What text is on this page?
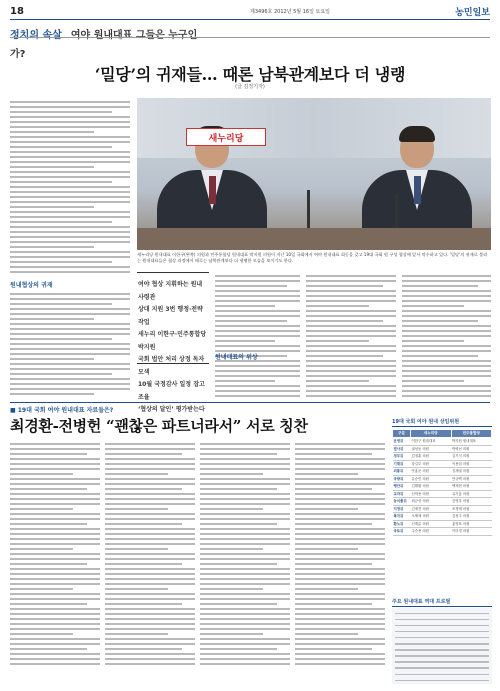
18	제3496호 2012년 5월 16일 토요일	농민일보
정치의 속살 여야 원내대표 그들은 누구인가?
‘밀당’의 귀재들… 때론 남북관계보다 더 냉랭
(글 김정기자)
원내협상의 귀재
새누리당
새누리당 원내대표 이한구(왼쪽) 의원과 민주통합당 원내대표 박지원 의원이 지난 10일 국회에서 여야 원내대표 회동을 갖고 19대 국회 원 구성 협상에 앞서 악수하고 있다. '밀당'의 귀재로 불리는 원내대표들은 협상 과정에서 때로는 남북관계보다 더 냉랭한 모습을 보이기도 한다.
여야 협상 지휘하는 원내 사령관
상대 지원 3번 행정·전략 작업
새누리 이한구·민주통합당 박지원
국회 법안 처리 상정 독자 모색
10월 국정감사 일정 잡고 조율
‘협상의 달인’ 평가받는다
원내대표의 위상
■ 19대 국회 여야 원내대표 자료들은?
최경환-전병헌 “괜찮은 파트너라서” 서로 칭찬	19대 국회 여야 원내 상임위원
구분	새누리당	민주통합당
운영위	이한구 원내대표	박지원 원내대표
법사위	권성동 의원	박영선 의원
정무위	김정훈 의원	김기식 의원
기재위	강길부 의원	이용섭 의원
외통위	안홍준 의원	심재권 의원
국방위	유승민 의원	안규백 의원
행안위	김태환 의원	백재현 의원
교과위	신학용 의원	유기홍 의원
농식품위	최규성 의원	김영록 의원
지경위	김재경 의원	조경태 의원
복지위	오제세 의원	김성주 의원
환노위	신계륜 의원	홍영표 의원
국토위	주승용 의원	이미경 의원
주요 원내대표 역대 프로필
